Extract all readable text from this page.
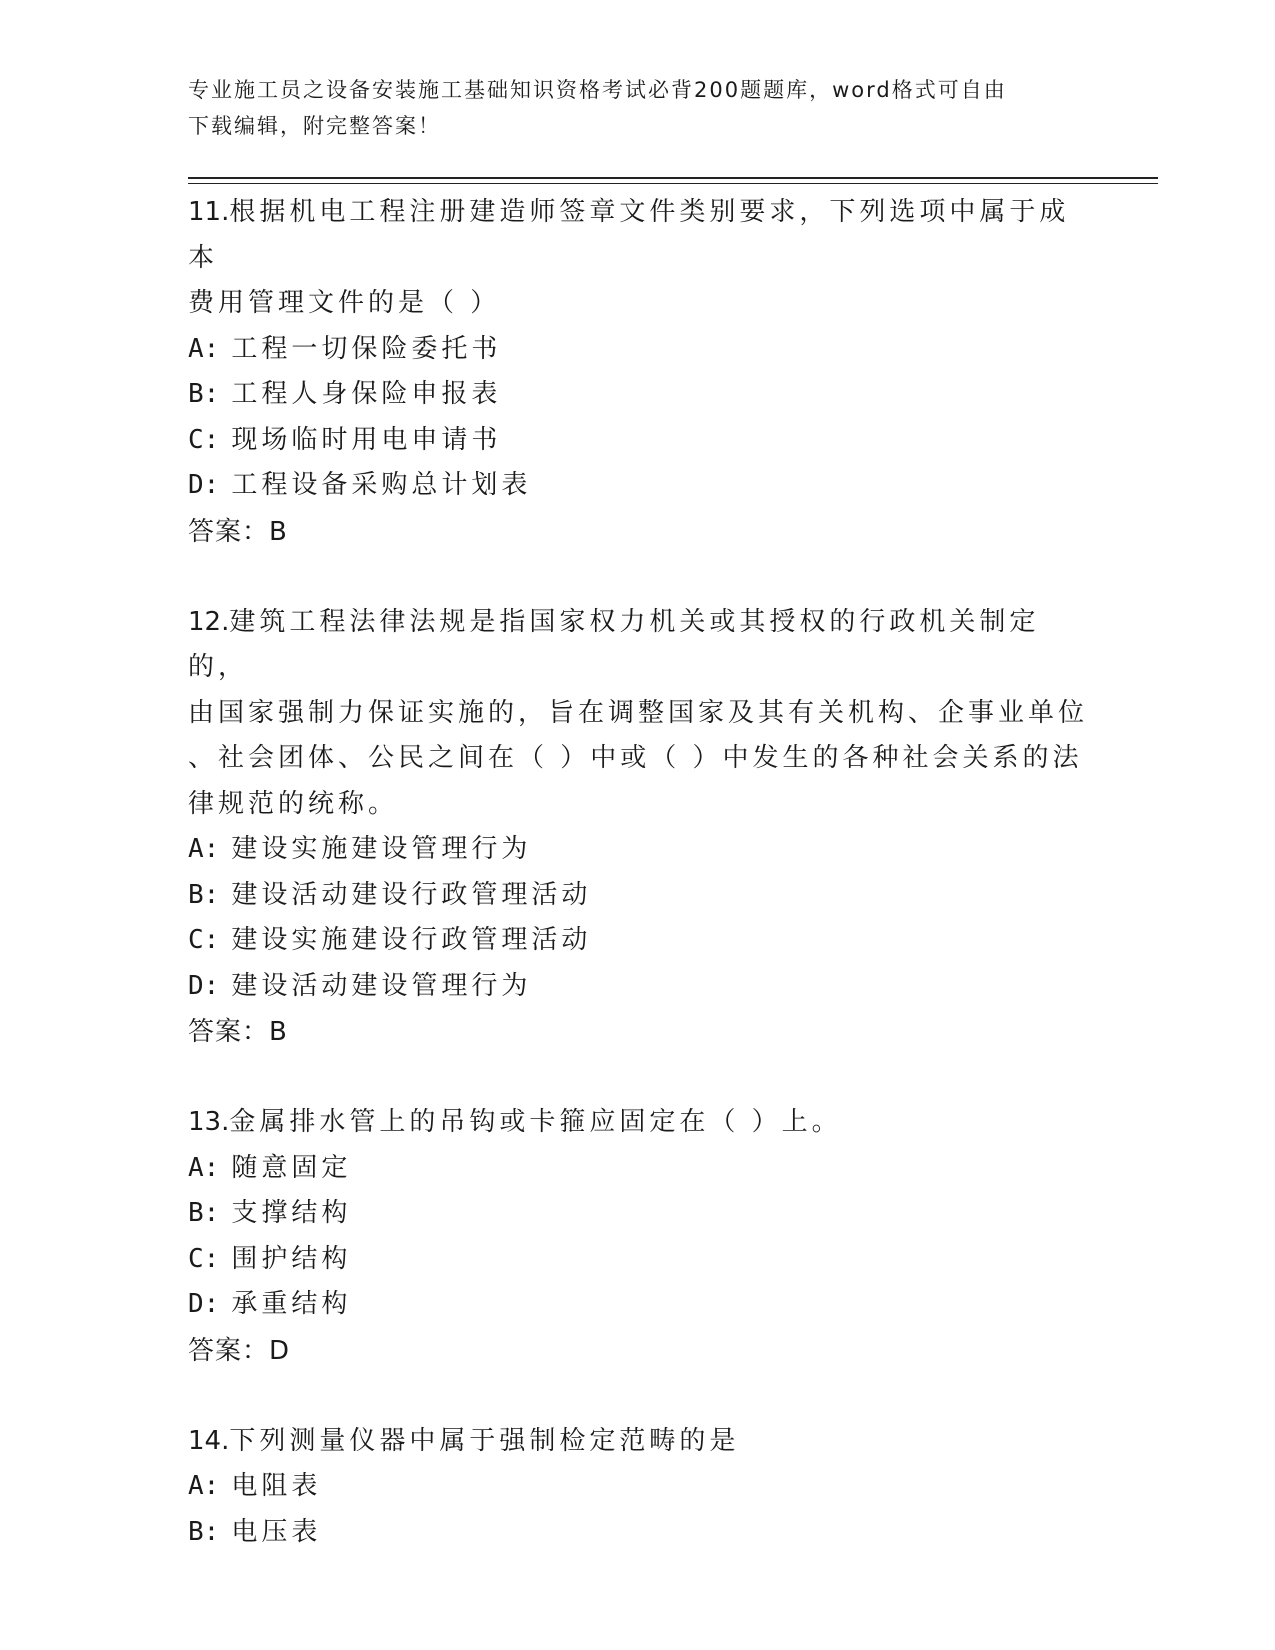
专业施工员之设备安装施工基础知识资格考试必背200题题库，word格式可自由
下载编辑，附完整答案！
11.根据机电工程注册建造师签章文件类别要求，下列选项中属于成本
费用管理文件的是（ ）
A: 工程一切保险委托书
B: 工程人身保险申报表
C: 现场临时用电申请书
D: 工程设备采购总计划表
答案：B
12.建筑工程法律法规是指国家权力机关或其授权的行政机关制定的，
由国家强制力保证实施的，旨在调整国家及其有关机构、企事业单位
、社会团体、公民之间在（ ）中或（ ）中发生的各种社会关系的法
律规范的统称。
A: 建设实施建设管理行为
B: 建设活动建设行政管理活动
C: 建设实施建设行政管理活动
D: 建设活动建设管理行为
答案：B
13.金属排水管上的吊钩或卡箍应固定在（ ）上。
A: 随意固定
B: 支撑结构
C: 围护结构
D: 承重结构
答案：D
14.下列测量仪器中属于强制检定范畴的是
A: 电阻表
B: 电压表
